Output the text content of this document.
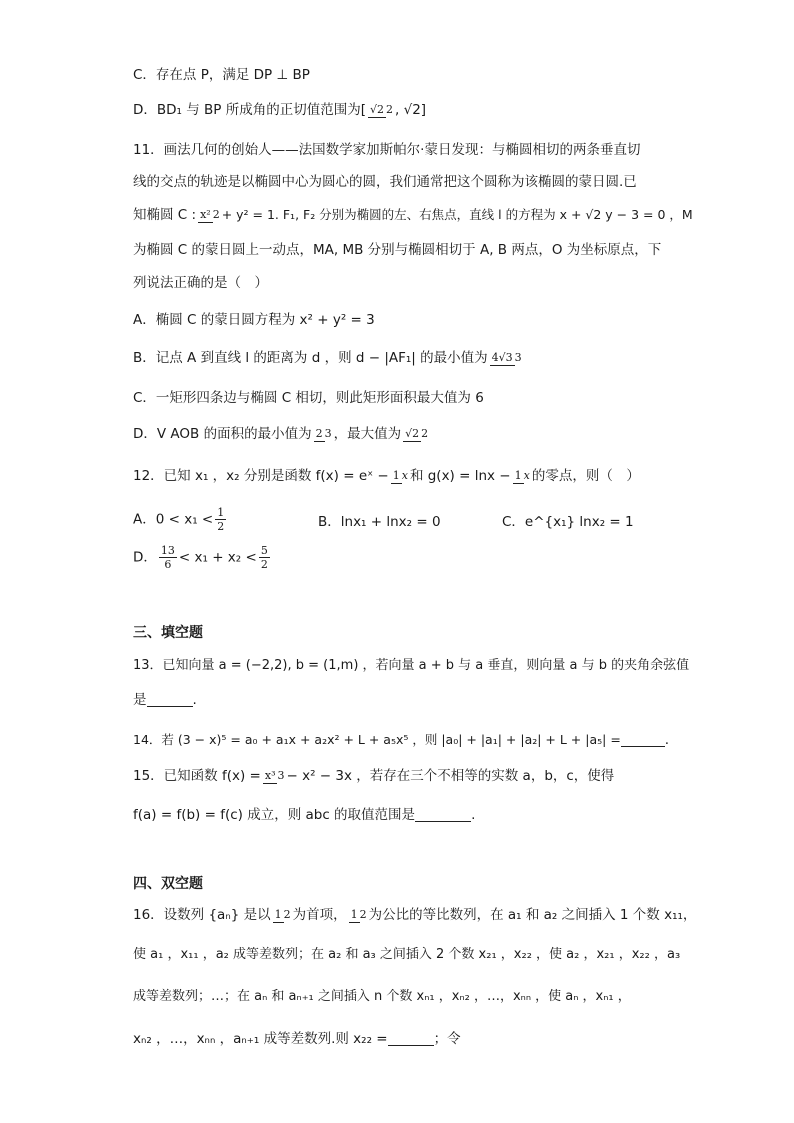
C．存在点 P，满足 DP ⊥ BP
D．BD₁ 与 BP 所成角的正切值范围为[ √2 2 , √2]
11．画法几何的创始人——法国数学家加斯帕尔·蒙日发现：与椭圆相切的两条垂直切
线的交点的轨迹是以椭圆中心为圆心的圆，我们通常把这个圆称为该椭圆的蒙日圆.已
知椭圆 C :x² 2+ y² = 1. F₁, F₂ 分别为椭圆的左、右焦点，直线 l 的方程为 x + √2 y − 3 = 0 ，M
为椭圆 C 的蒙日圆上一动点，MA, MB 分别与椭圆相切于 A, B 两点，O 为坐标原点，下
列说法正确的是（　）
A．椭圆 C 的蒙日圆方程为 x² + y² = 3
B．记点 A 到直线 l 的距离为 d ，则 d − |AF₁| 的最小值为 4√3 3
C．一矩形四条边与椭圆 C 相切，则此矩形面积最大值为 6
D．V AOB 的面积的最小值为 2 3 ，最大值为 √2 2
12．已知 x₁ ，x₂ 分别是函数 f(x) = eˣ − 1 x 和 g(x) = lnx − 1 x 的零点，则（　）
A．$0 < x_1 < \frac{1}{2}$	B．lnx₁ + lnx₂ = 0	C．e^{x₁} lnx₂ = 1
D． $\frac{13}{6} < x_1 + x_2 < \frac{5}{2}$
三、填空题
13．已知向量 a = (−2,2), b = (1,m) ，若向量 a + b 与 a 垂直，则向量 a 与 b 的夹角余弦值
是	.
14．若 (3 − x)⁵ = a₀ + a₁x + a₂x² + L + a₅x⁵ ，则 |a₀| + |a₁| + |a₂| + L + |a₅| =	.
15．已知函数 f(x) = x³ 3 − x² − 3x ，若存在三个不相等的实数 a，b，c，使得
f(a) = f(b) = f(c) 成立，则 abc 的取值范围是	.
四、双空题
16．设数列 {aₙ} 是以 1 2 为首项， 1 2 为公比的等比数列，在 a₁ 和 a₂ 之间插入 1 个数 x₁₁，
使 a₁ ，x₁₁ ，a₂ 成等差数列；在 a₂ 和 a₃ 之间插入 2 个数 x₂₁ ，x₂₂ ，使 a₂ ，x₂₁ ，x₂₂ ，a₃
成等差数列；…；在 aₙ 和 aₙ₊₁ 之间插入 n 个数 xₙ₁ ，xₙ₂ ，…，xₙₙ ，使 aₙ ，xₙ₁ ，
xₙ₂ ，…，xₙₙ ，aₙ₊₁ 成等差数列.则 x₂₂ =	；令
